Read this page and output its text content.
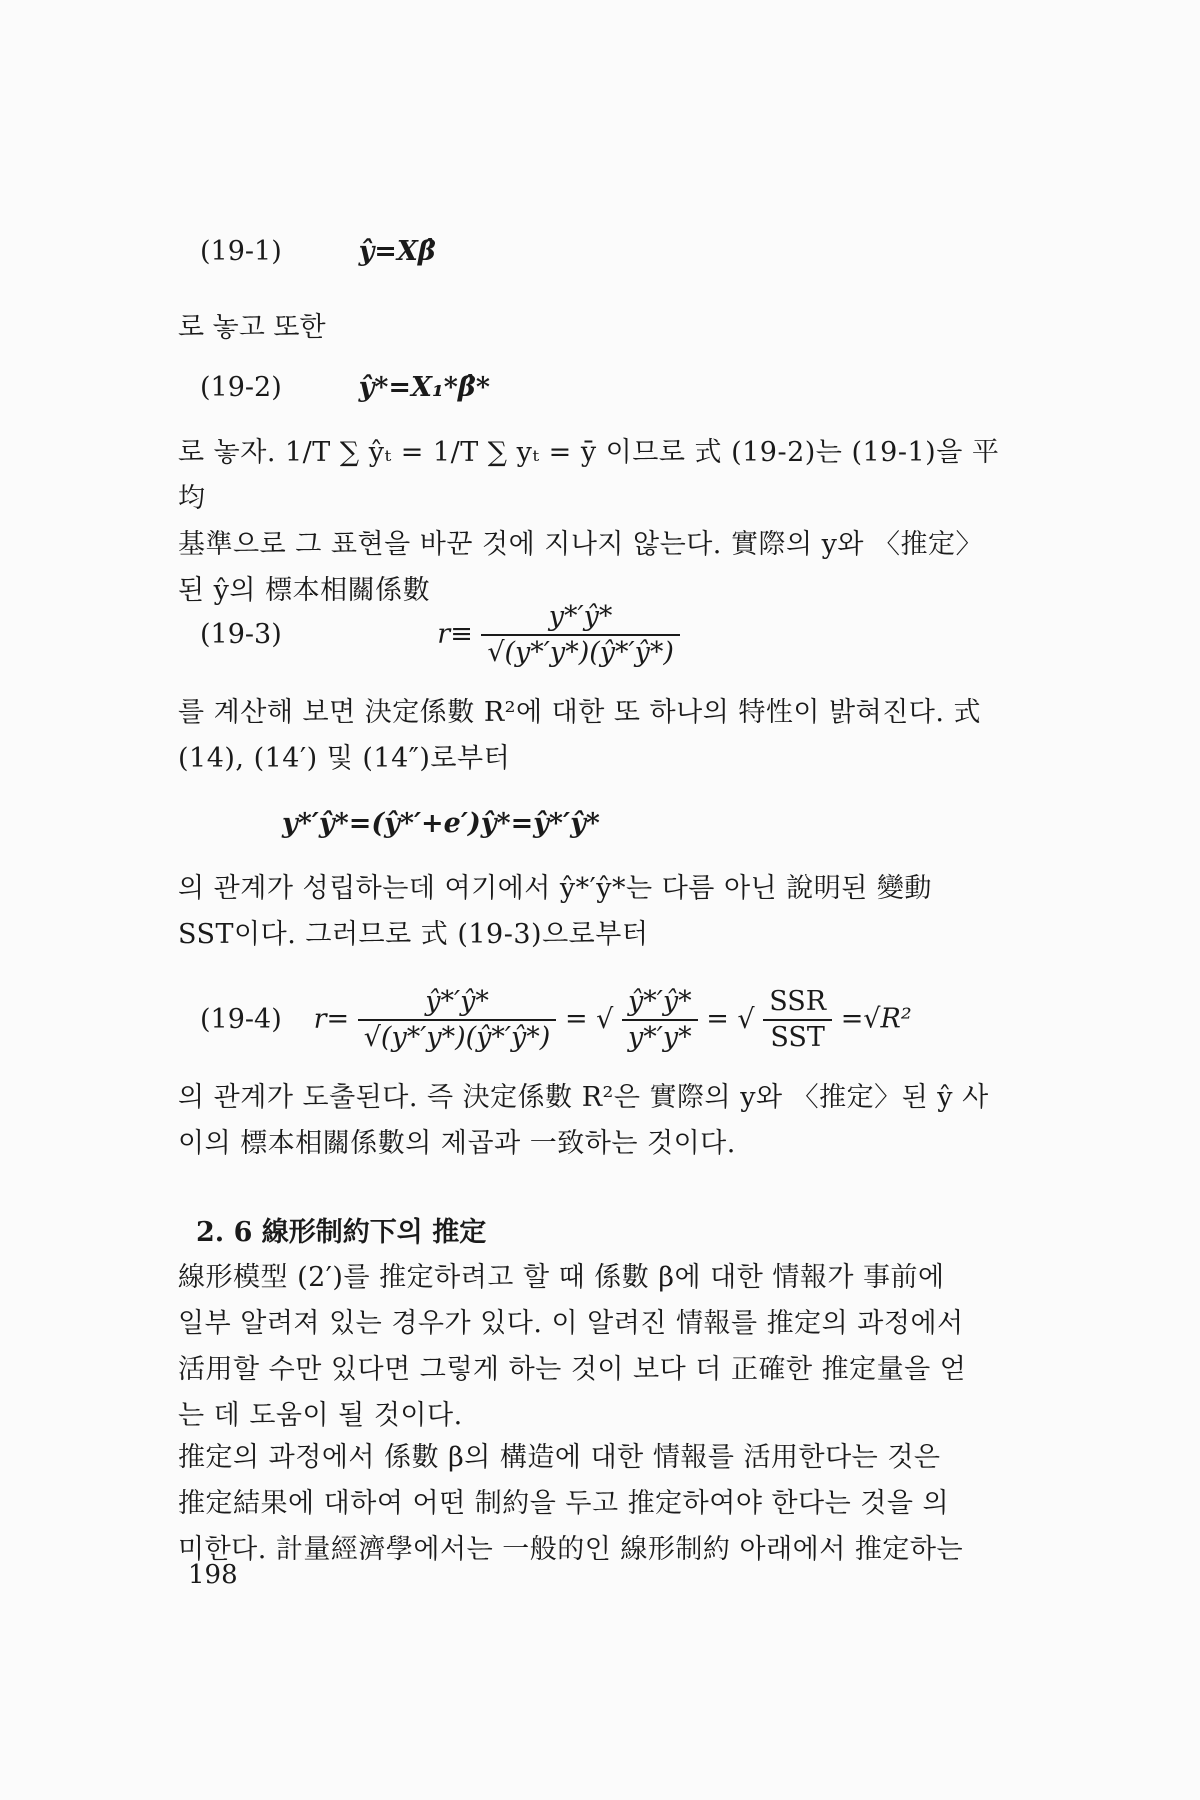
(19-1)	ŷ=Xβ̂
로 놓고 또한
(19-2)	ŷ*=X₁*β̂*
로 놓자. 1/T ∑ ŷₜ = 1/T ∑ yₜ = ȳ 이므로 式 (19-2)는 (19-1)을 平均
基準으로 그 표현을 바꾼 것에 지나지 않는다. 實際의 y와 〈推定〉
된 ŷ의 標本相關係數
(19-3)	$r\equiv \frac{y*'ŷ*}{√(y*'y*)(ŷ*'ŷ*)}$
를 계산해 보면 決定係數 R²에 대한 또 하나의 特性이 밝혀진다. 式
(14), (14′) 및 (14″)로부터
y*′ŷ*=(ŷ*′+e′)ŷ*=ŷ*′ŷ*
의 관계가 성립하는데 여기에서 ŷ*′ŷ*는 다름 아닌 說明된 變動
SST이다. 그러므로 式 (19-3)으로부터
(19-4) $r= \frac{ŷ*'ŷ*}{√(y*'y*)(ŷ*'ŷ*)}$ = √ $\frac{ŷ*'ŷ*}{y*'y*}$ = √ $\frac{\text{SSR}}{\text{SST}} =√R^2$
의 관계가 도출된다. 즉 決定係數 R²은 實際의 y와 〈推定〉된 ŷ 사
이의 標本相關係數의 제곱과 一致하는 것이다.
2. 6 線形制約下의 推定
線形模型 (2′)를 推定하려고 할 때 係數 β에 대한 情報가 事前에
일부 알려져 있는 경우가 있다. 이 알려진 情報를 推定의 과정에서
活用할 수만 있다면 그렇게 하는 것이 보다 더 正確한 推定量을 얻
는 데 도움이 될 것이다.
推定의 과정에서 係數 β의 構造에 대한 情報를 活用한다는 것은
推定結果에 대하여 어떤 制約을 두고 推定하여야 한다는 것을 의
미한다. 計量經濟學에서는 一般的인 線形制約 아래에서 推定하는
198
